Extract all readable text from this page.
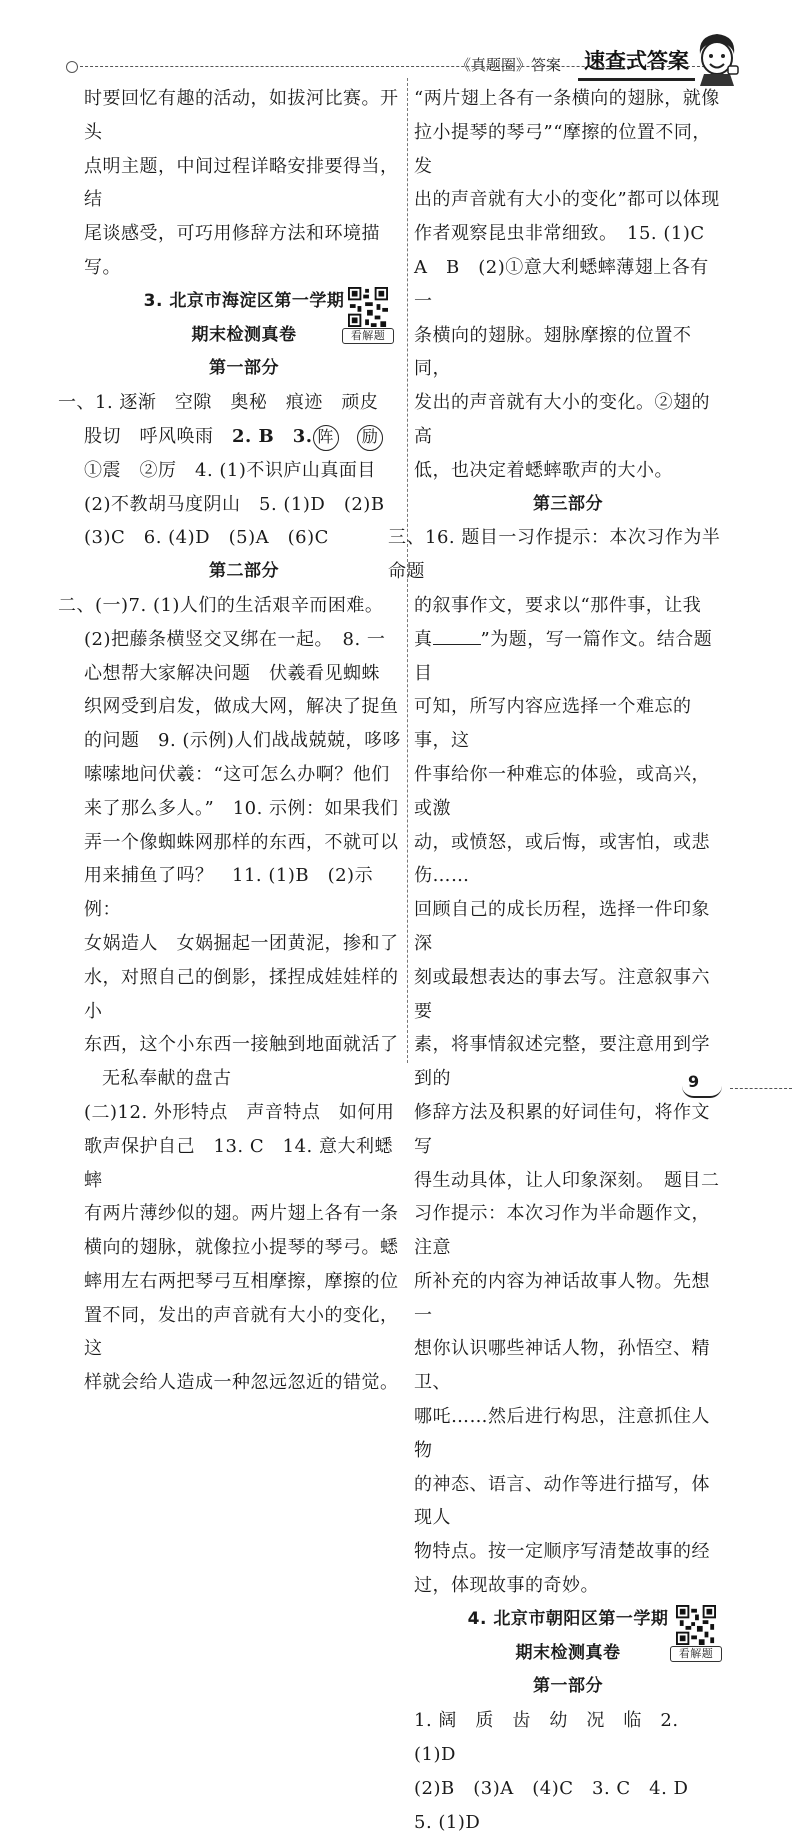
《真题圈》答案 速查式答案

时要回忆有趣的活动，如拔河比赛。开头

点明主题，中间过程详略安排要得当，结

尾谈感受，可巧用修辞方法和环境描写。

3. 北京市海淀区第一学期

期末检测真卷	看解题

第一部分

一、1. 逐渐　空隙　奥秘　痕迹　顽皮

股切　呼风唤雨　2. B　3. 阵　 励

①震　②厉　4. (1)不识庐山真面目

(2)不教胡马度阴山　5. (1)D　(2)B

(3)C　6. (4)D　(5)A　(6)C

第二部分

二、(一)7. (1)人们的生活艰辛而困难。

(2)把藤条横竖交叉绑在一起。　8. 一

心想帮大家解决问题　伏羲看见蜘蛛

织网受到启发，做成大网，解决了捉鱼

的问题　9. (示例)人们战战兢兢，哆哆

嗦嗦地问伏羲：“这可怎么办啊？他们

来了那么多人。”　10. 示例：如果我们

弄一个像蜘蛛网那样的东西，不就可以

用来捕鱼了吗？　11. (1)B　(2)示例：

女娲造人　女娲掘起一团黄泥，掺和了

水，对照自己的倒影，揉捏成娃娃样的小

东西，这个小东西一接触到地面就活了

无私奉献的盘古

(二)12. 外形特点　声音特点　如何用

歌声保护自己　13. C　14. 意大利蟋蟀

有两片薄纱似的翅。两片翅上各有一条

横向的翅脉，就像拉小提琴的琴弓。蟋

蟀用左右两把琴弓互相摩擦，摩擦的位

置不同，发出的声音就有大小的变化，这

样就会给人造成一种忽远忽近的错觉。

“两片翅上各有一条横向的翅脉，就像

拉小提琴的琴弓”“摩擦的位置不同，发

出的声音就有大小的变化”都可以体现

作者观察昆虫非常细致。　15. (1)C

A　B　(2)①意大利蟋蟀薄翅上各有一

条横向的翅脉。翅脉摩擦的位置不同，

发出的声音就有大小的变化。②翅的高

低，也决定着蟋蟀歌声的大小。

第三部分

三、16. 题目一习作提示：本次习作为半命题

的叙事作文，要求以“那件事，让我

真	”为题，写一篇作文。结合题目

可知，所写内容应选择一个难忘的事，这

件事给你一种难忘的体验，或高兴，或激

动，或愤怒，或后悔，或害怕，或悲伤……

回顾自己的成长历程，选择一件印象深

刻或最想表达的事去写。注意叙事六要

素，将事情叙述完整，要注意用到学到的

修辞方法及积累的好词佳句，将作文写

得生动具体，让人印象深刻。　题目二

习作提示：本次习作为半命题作文，注意

所补充的内容为神话故事人物。先想一

想你认识哪些神话人物，孙悟空、精卫、

哪吒……然后进行构思，注意抓住人物

的神态、语言、动作等进行描写，体现人

物特点。按一定顺序写清楚故事的经

过，体现故事的奇妙。

4. 北京市朝阳区第一学期

期末检测真卷	看解题

第一部分

1. 阔　质　齿　幼　况　临　2. (1)D

(2)B　(3)A　(4)C　3. C　4. D　5. (1)D

9
